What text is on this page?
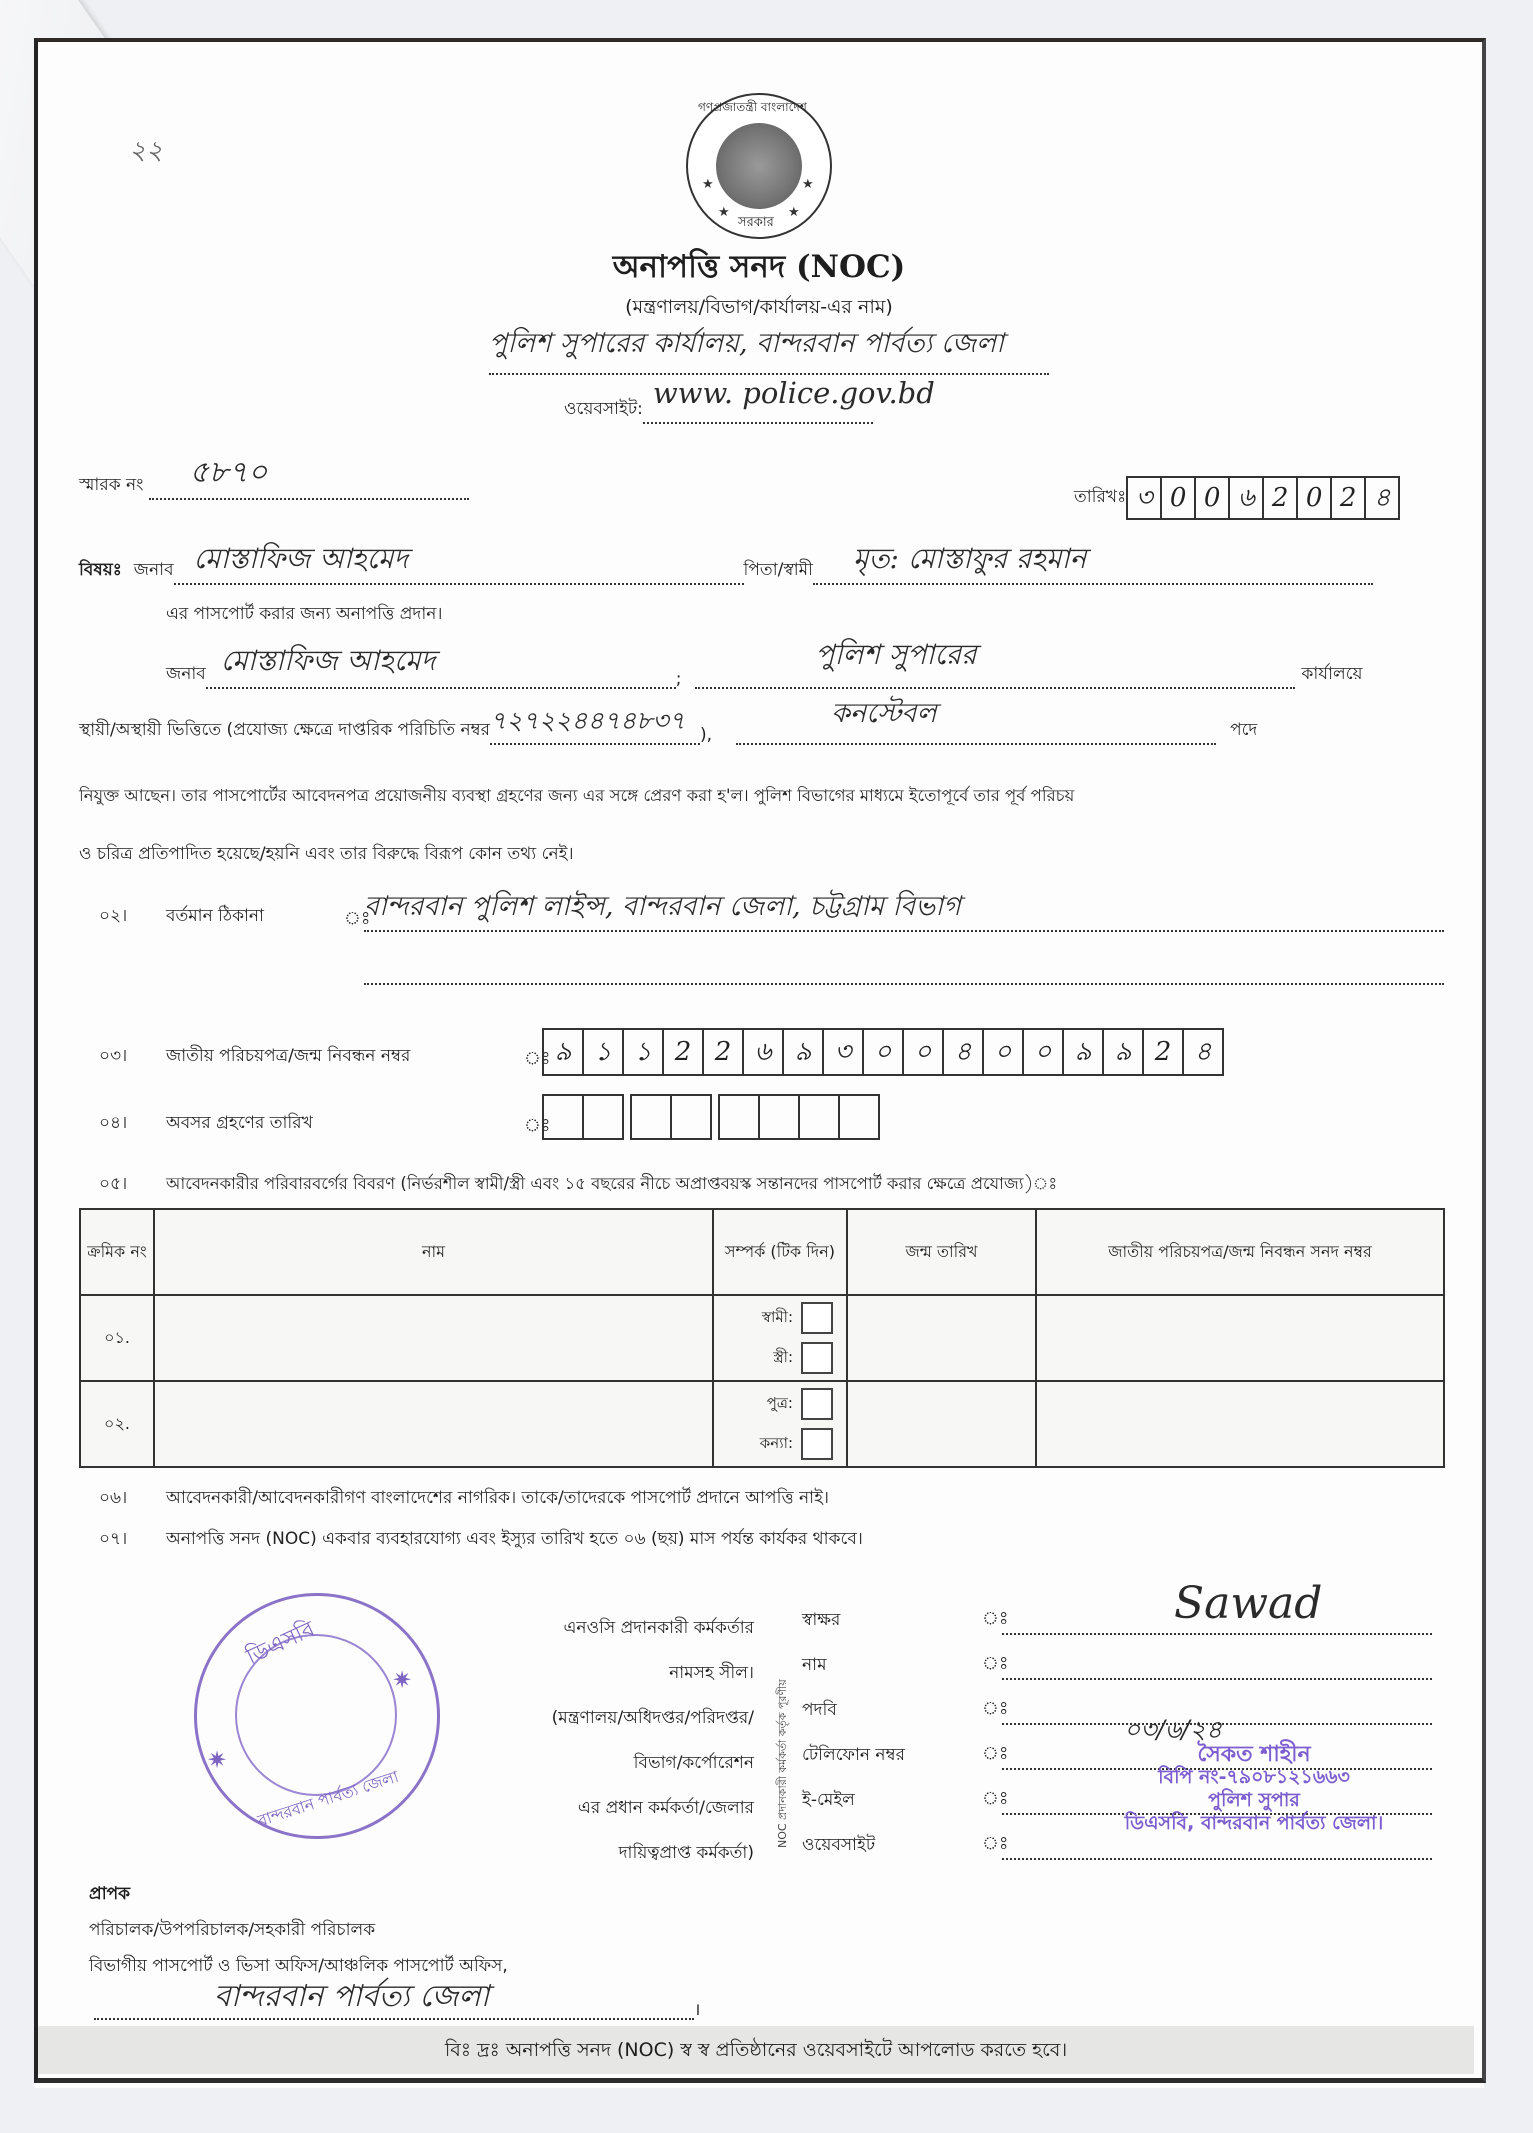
২২
গণপ্রজাতন্ত্রী বাংলাদেশ
★	★
★	★
সরকার
অনাপত্তি সনদ (NOC)
(মন্ত্রণালয়/বিভাগ/কার্যালয়-এর নাম)
পুলিশ সুপারের কার্যালয়, বান্দরবান পার্বত্য জেলা
ওয়েবসাইট: www. police.gov.bd
স্মারক নং ৫৮৭০
তারিখঃ ৩ 0 0 ৬ 2 0 2 ৪
বিষয়ঃ জনাব মোস্তাফিজ আহমেদ	পিতা/স্বামী মৃত: মোস্তাফুর রহমান
এর পাসপোর্ট করার জন্য অনাপত্তি প্রদান।
জনাব মোস্তাফিজ আহমেদ
;
পুলিশ সুপারের
কার্যালয়ে
স্থায়ী/অস্থায়ী ভিত্তিতে (প্রযোজ্য ক্ষেত্রে দাপ্তরিক পরিচিতি নম্বর ৭২৭২২৪৪৭৪৮৩৭ ),
কনস্টেবল
পদে
নিযুক্ত আছেন। তার পাসপোর্টের আবেদনপত্র প্রয়োজনীয় ব্যবস্থা গ্রহণের জন্য এর সঙ্গে প্রেরণ করা হ'ল। পুলিশ বিভাগের মাধ্যমে ইতোপূর্বে তার পূর্ব পরিচয়
ও চরিত্র প্রতিপাদিত হয়েছে/হয়নি এবং তার বিরুদ্ধে বিরূপ কোন তথ্য নেই।
০২। বর্তমান ঠিকানা	ঃ
বান্দরবান পুলিশ লাইন্স, বান্দরবান জেলা, চট্টগ্রাম বিভাগ
০৩। জাতীয় পরিচয়পত্র/জন্ম নিবন্ধন নম্বর	ঃ ৯ ১ ১ 2 2 ৬ ৯ ৩ ০ ০ ৪ ০ ০ ৯ ৯ 2 ৪
০৪। অবসর গ্রহণের তারিখ	ঃ
০৫। আবেদনকারীর পরিবারবর্গের বিবরণ (নির্ভরশীল স্বামী/স্ত্রী এবং ১৫ বছরের নীচে অপ্রাপ্তবয়স্ক সন্তানদের পাসপোর্ট করার ক্ষেত্রে প্রযোজ্য)ঃ
ক্রমিক নং	নাম	সম্পর্ক (টিক দিন)	জন্ম তারিখ	জাতীয় পরিচয়পত্র/জন্ম নিবন্ধন সনদ নম্বর
০১.		স্বামী:
স্ত্রী:		

০২.		পুত্র:
কন্যা:		

০৬। আবেদনকারী/আবেদনকারীগণ বাংলাদেশের নাগরিক। তাকে/তাদেরকে পাসপোর্ট প্রদানে আপত্তি নাই।
০৭। অনাপত্তি সনদ (NOC) একবার ব্যবহারযোগ্য এবং ইস্যুর তারিখ হতে ০৬ (ছয়) মাস পর্যন্ত কার্যকর থাকবে।
ডিএসবি
✷
✷
বান্দরবান পার্বত্য জেলা
এনওসি প্রদানকারী কর্মকর্তার
নামসহ সীল।
(মন্ত্রণালয়/অধিদপ্তর/পরিদপ্তর/
বিভাগ/কর্পোরেশন
এর প্রধান কর্মকর্তা/জেলার
দায়িত্বপ্রাপ্ত কর্মকর্তা)
NOC প্রদানকারী কর্মকর্তা কর্তৃক পূরণীয়
স্বাক্ষর	ঃ
নাম	ঃ
পদবি	ঃ
টেলিফোন নম্বর	ঃ
ই-মেইল	ঃ
ওয়েবসাইট	ঃ
Sawad
০৩/৬/২৪
সৈকত শাহীন
বিপি নং-৭৯০৮১২১৬৬৩
পুলিশ সুপার
ডিএসবি, বান্দরবান পার্বত্য জেলা।
প্রাপক
পরিচালক/উপপরিচালক/সহকারী পরিচালক
বিভাগীয় পাসপোর্ট ও ভিসা অফিস/আঞ্চলিক পাসপোর্ট অফিস,
বান্দরবান পার্বত্য জেলা	।
বিঃ দ্রঃ অনাপত্তি সনদ (NOC) স্ব স্ব প্রতিষ্ঠানের ওয়েবসাইটে আপলোড করতে হবে।
